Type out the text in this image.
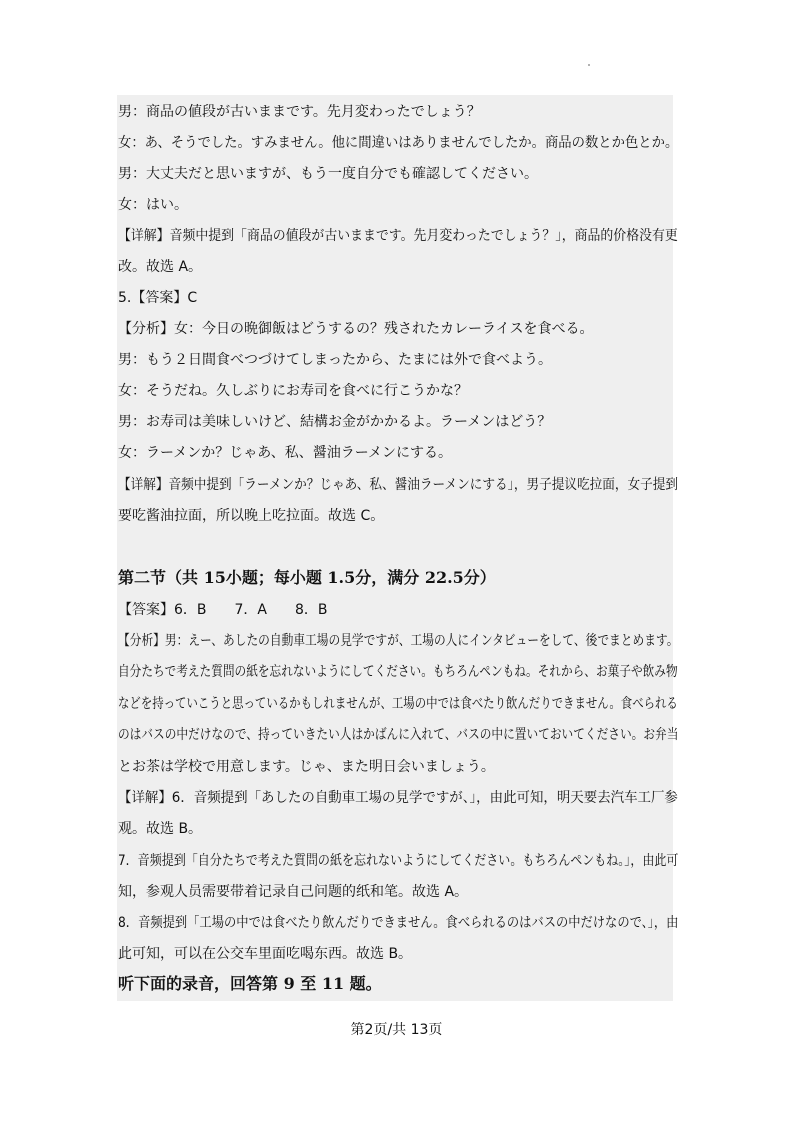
男：商品の値段が古いままです。先月変わったでしょう？
女：あ、そうでした。すみません。他に間違いはありませんでしたか。商品の数とか色とか。
男：大丈夫だと思いますが、もう一度自分でも確認してください。
女：はい。
【详解】音频中提到「商品の値段が古いままです。先月変わったでしょう？」，商品的价格没有更
改。故选 A。
5.【答案】C
【分析】女：今日の晩御飯はどうするの？残されたカレーライスを食べる。
男：もう２日間食べつづけてしまったから、たまには外で食べよう。
女：そうだね。久しぶりにお寿司を食べに行こうかな？
男：お寿司は美味しいけど、結構お金がかかるよ。ラーメンはどう？
女：ラーメンか？じゃあ、私、醤油ラーメンにする。
【详解】音频中提到「ラーメンか？じゃあ、私、醤油ラーメンにする」，男子提议吃拉面，女子提到
要吃酱油拉面，所以晚上吃拉面。故选 C。
第二节（共 15小题；每小题 1.5分，满分 22.5分）
【答案】6．B　　7．A　　8．B
【分析】男：えー、あしたの自動車工場の見学ですが、工場の人にインタビューをして、後でまとめます。
自分たちで考えた質問の紙を忘れないようにしてください。もちろんペンもね。それから、お菓子や飲み物
などを持っていこうと思っているかもしれませんが、工場の中では食べたり飲んだりできません。食べられる
のはバスの中だけなので、持っていきたい人はかばんに入れて、バスの中に置いておいてください。お弁当
とお茶は学校で用意します。じゃ、また明日会いましょう。
【详解】6．音频提到「あしたの自動車工場の見学ですが、」，由此可知，明天要去汽车工厂参
观。故选 B。
7．音频提到「自分たちで考えた質問の紙を忘れないようにしてください。もちろんペンもね。」，由此可
知，参观人员需要带着记录自己问题的纸和笔。故选 A。
8．音频提到「工場の中では食べたり飲んだりできません。食べられるのはバスの中だけなので、」，由
此可知，可以在公交车里面吃喝东西。故选 B。
听下面的录音，回答第 9 至 11 题。
第2页/共 13页
